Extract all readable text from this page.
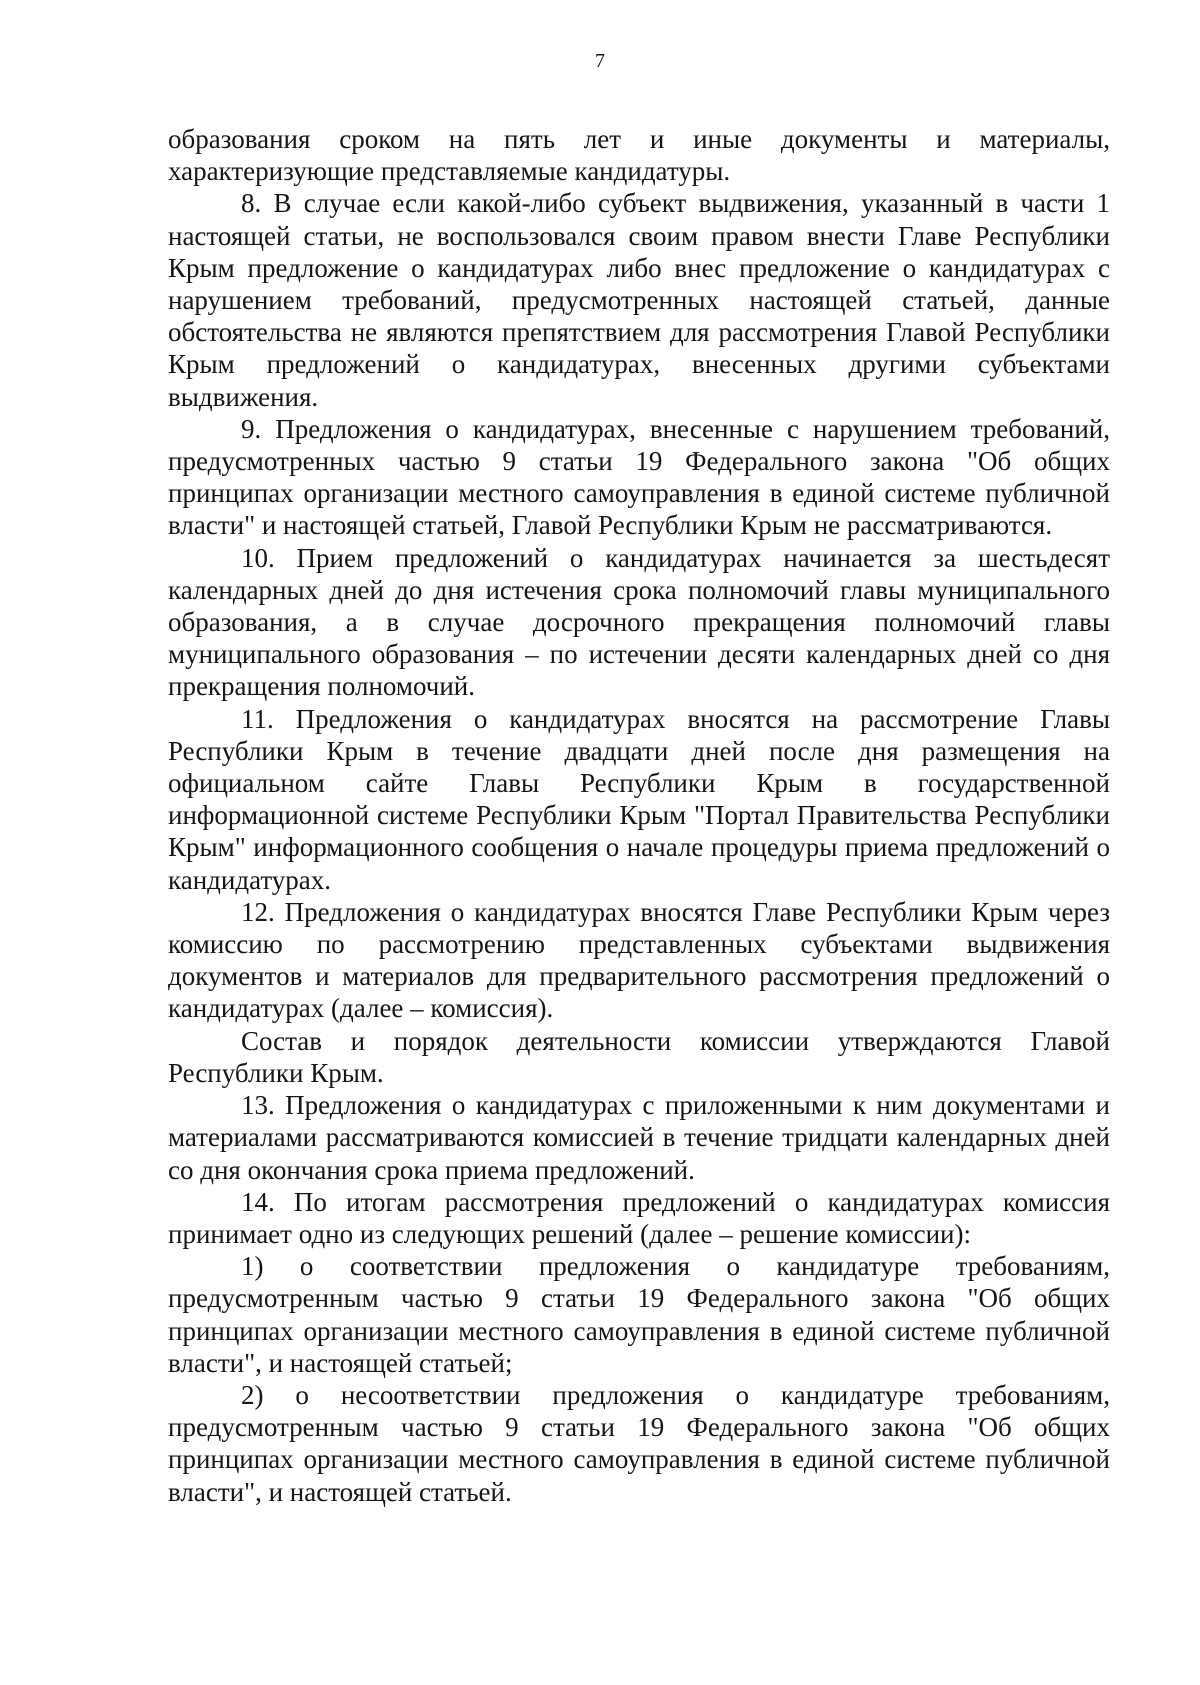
7

образования сроком на пять лет и иные документы и материалы, характеризующие представляемые кандидатуры.

8. В случае если какой-либо субъект выдвижения, указанный в части 1 настоящей статьи, не воспользовался своим правом внести Главе Республики Крым предложение о кандидатурах либо внес предложение о кандидатурах с нарушением требований, предусмотренных настоящей статьей, данные обстоятельства не являются препятствием для рассмотрения Главой Республики Крым предложений о кандидатурах, внесенных другими субъектами выдвижения.

9. Предложения о кандидатурах, внесенные с нарушением требований, предусмотренных частью 9 статьи 19 Федерального закона "Об общих принципах организации местного самоуправления в единой системе публичной власти" и настоящей статьей, Главой Республики Крым не рассматриваются.

10. Прием предложений о кандидатурах начинается за шестьдесят календарных дней до дня истечения срока полномочий главы муниципального образования, а в случае досрочного прекращения полномочий главы муниципального образования – по истечении десяти календарных дней со дня прекращения полномочий.

11. Предложения о кандидатурах вносятся на рассмотрение Главы Республики Крым в течение двадцати дней после дня размещения на официальном сайте Главы Республики Крым в государственной информационной системе Республики Крым "Портал Правительства Республики Крым" информационного сообщения о начале процедуры приема предложений о кандидатурах.

12. Предложения о кандидатурах вносятся Главе Республики Крым через комиссию по рассмотрению представленных субъектами выдвижения документов и материалов для предварительного рассмотрения предложений о кандидатурах (далее – комиссия).

Состав и порядок деятельности комиссии утверждаются Главой Республики Крым.

13. Предложения о кандидатурах с приложенными к ним документами и материалами рассматриваются комиссией в течение тридцати календарных дней со дня окончания срока приема предложений.

14. По итогам рассмотрения предложений о кандидатурах комиссия принимает одно из следующих решений (далее – решение комиссии):

1) о соответствии предложения о кандидатуре требованиям, предусмотренным частью 9 статьи 19 Федерального закона "Об общих принципах организации местного самоуправления в единой системе публичной власти", и настоящей статьей;

2) о несоответствии предложения о кандидатуре требованиям, предусмотренным частью 9 статьи 19 Федерального закона "Об общих принципах организации местного самоуправления в единой системе публичной власти", и настоящей статьей.
